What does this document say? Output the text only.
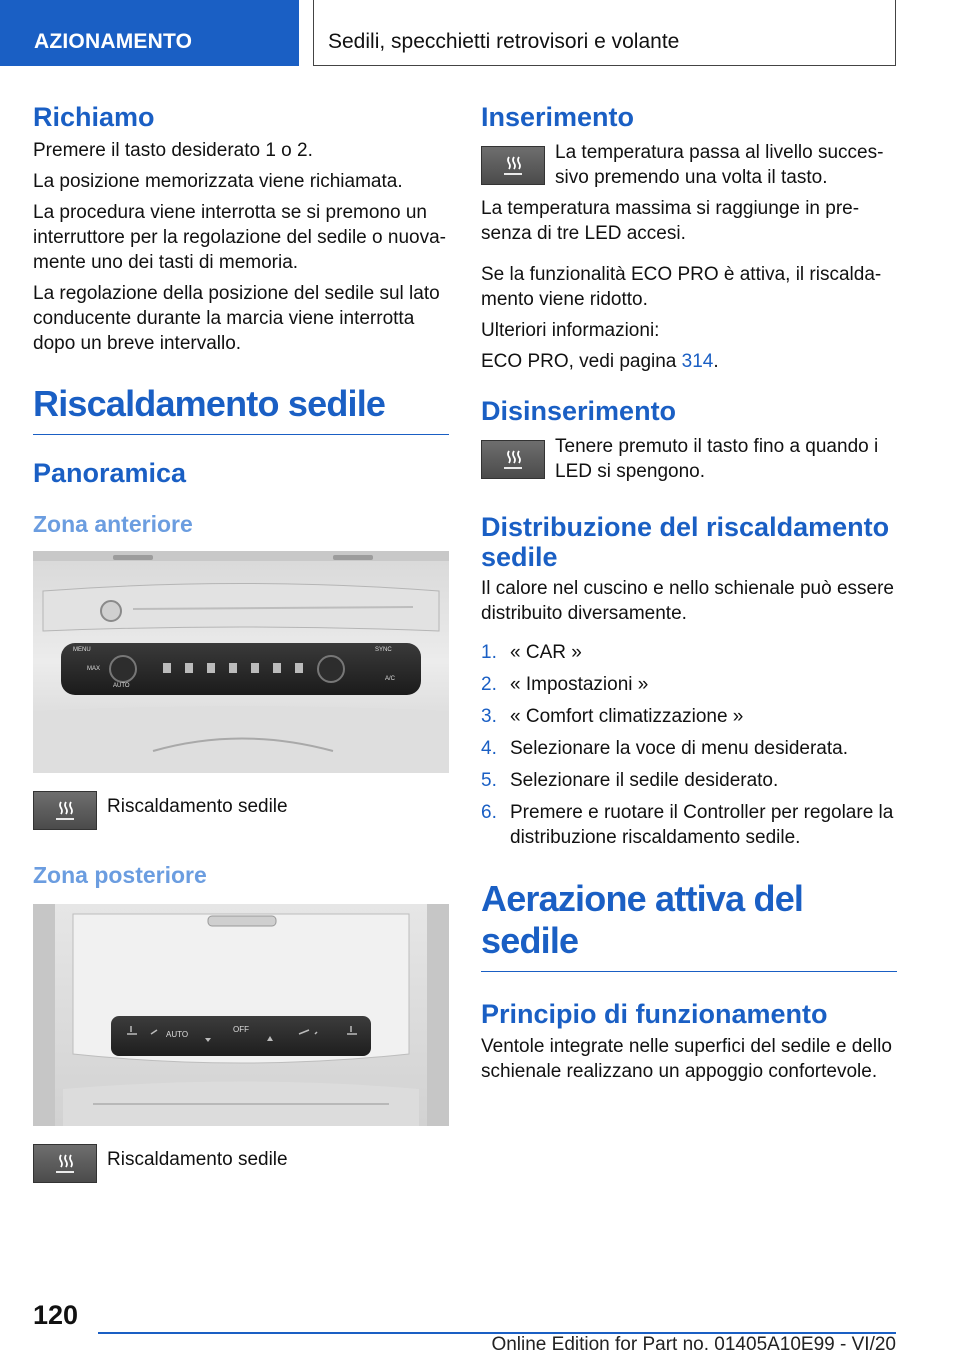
AZIONAMENTO	Sedili, specchietti retrovisori e volante
Richiamo
Premere il tasto desiderato 1 o 2.
La posizione memorizzata viene richiamata.
La procedura viene interrotta se si premono un interruttore per la regolazione del sedile o nuova-mente uno dei tasti di memoria.
La regolazione della posizione del sedile sul lato conducente durante la marcia viene interrotta dopo un breve intervallo.
Riscaldamento sedile
Panoramica
Zona anteriore
MENU
MAX
AUTO
SYNC
A/C
Riscaldamento sedile
Zona posteriore
AUTO
OFF
Riscaldamento sedile
Inserimento
La temperatura passa al livello succes-sivo premendo una volta il tasto.
La temperatura massima si raggiunge in pre-senza di tre LED accesi.
Se la funzionalità ECO PRO è attiva, il riscalda-mento viene ridotto.
Ulteriori informazioni:
ECO PRO, vedi pagina 314.
Disinserimento
Tenere premuto il tasto fino a quando i LED si spengono.
Distribuzione del riscaldamento sedile
Il calore nel cuscino e nello schienale può essere distribuito diversamente.
1. « CAR »
2. « Impostazioni »
3. « Comfort climatizzazione »
4. Selezionare la voce di menu desiderata.
5. Selezionare il sedile desiderato.
6. Premere e ruotare il Controller per regolare la distribuzione riscaldamento sedile.
Aerazione attiva del sedile
Principio di funzionamento
Ventole integrate nelle superfici del sedile e dello schienale realizzano un appoggio confortevole.
120
Online Edition for Part no. 01405A10E99 - VI/20
